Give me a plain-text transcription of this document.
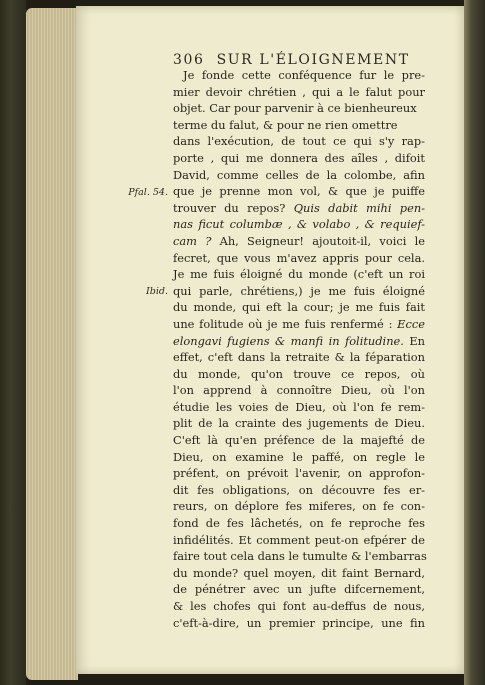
306 SUR L'ÉLOIGNEMENT
Pfal. 54.
Ibid.
Je fonde cette conféquence fur le pre-
mier devoir chrétien , qui a le falut pour
objet. Car pour parvenir à ce bienheureux
terme du falut, & pour ne rien omettre
dans l'exécution, de tout ce qui s'y rap-
porte , qui me donnera des aîles , difoit
David, comme celles de la colombe, afin
que je prenne mon vol, & que je puiffe
trouver du repos? Quis dabit mihi pen-
nas ficut columbæ , & volabo , & requief-
cam ? Ah, Seigneur! ajoutoit-il, voici le
fecret, que vous m'avez appris pour cela.
Je me fuis éloigné du monde (c'eft un roi
qui parle, chrétiens,) je me fuis éloigné
du monde, qui eft la cour; je me fuis fait
une folitude où je me fuis renfermé : Ecce
elongavi fugiens & manfi in folitudine. En
effet, c'eft dans la retraite & la féparation
du monde, qu'on trouve ce repos, où
l'on apprend à connoître Dieu, où l'on
étudie les voies de Dieu, où l'on fe rem-
plit de la crainte des jugements de Dieu.
C'eft là qu'en préfence de la majefté de
Dieu, on examine le paffé, on regle le
préfent, on prévoit l'avenir, on approfon-
dit fes obligations, on découvre fes er-
reurs, on déplore fes miferes, on fe con-
fond de fes lâchetés, on fe reproche fes
infidélités. Et comment peut-on efpérer de
faire tout cela dans le tumulte & l'embarras
du monde? quel moyen, dit faint Bernard,
de pénétrer avec un jufte difcernement,
& les chofes qui font au-deffus de nous,
c'eft-à-dire, un premier principe, une fin
